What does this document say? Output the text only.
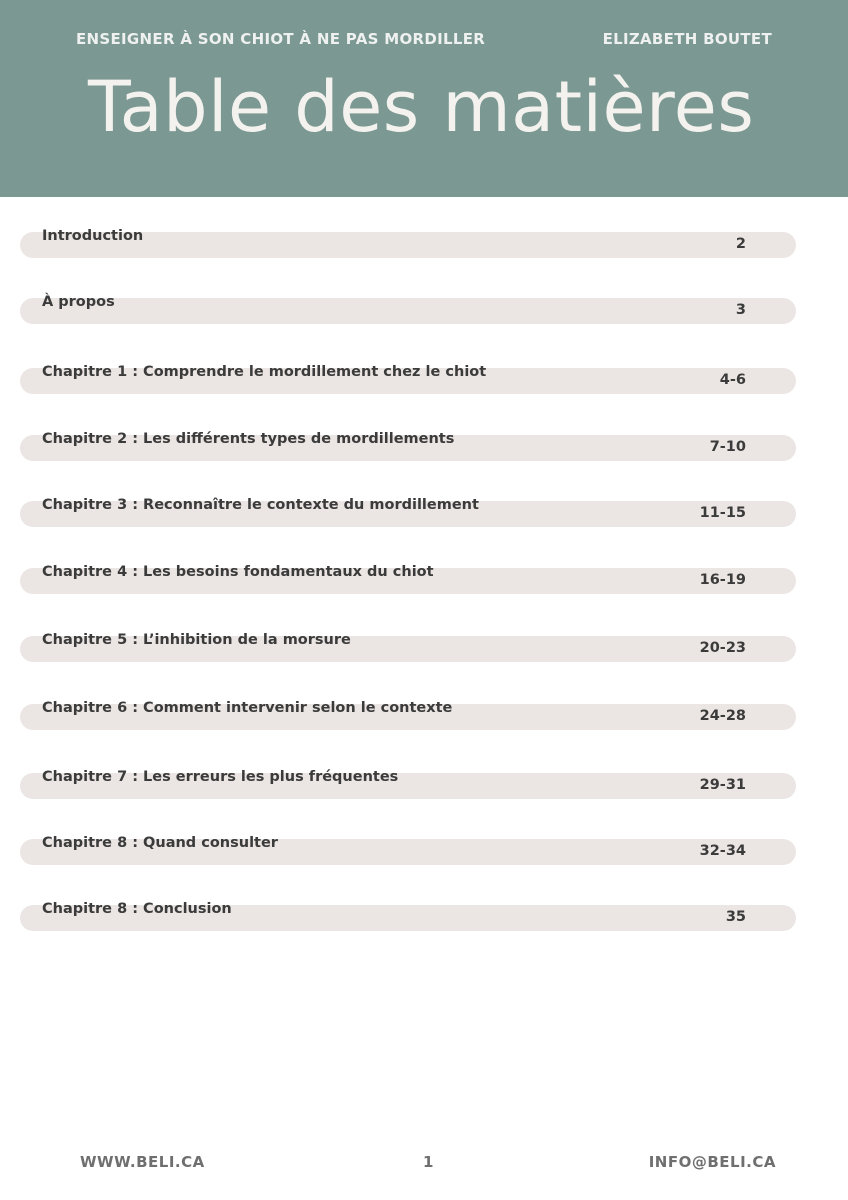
ENSEIGNER À SON CHIOT À NE PAS MORDILLER	ELIZABETH BOUTET
Table des matières
Introduction	2
À propos	3
Chapitre 1 : Comprendre le mordillement chez le chiot	4-6
Chapitre 2 : Les différents types de mordillements	7-10
Chapitre 3 : Reconnaître le contexte du mordillement	11-15
Chapitre 4 : Les besoins fondamentaux du chiot	16-19
Chapitre 5 : L’inhibition de la morsure	20-23
Chapitre 6 : Comment intervenir selon le contexte	24-28
Chapitre 7 : Les erreurs les plus fréquentes	29-31
Chapitre 8 : Quand consulter	32-34
Chapitre 8 : Conclusion	35
WWW.BELI.CA	1	INFO@BELI.CA
